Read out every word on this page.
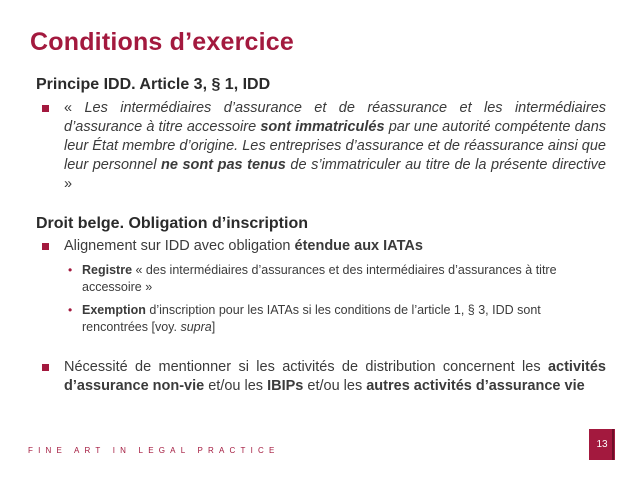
Conditions d’exercice
Principe IDD. Article 3, § 1, IDD
« Les intermédiaires d’assurance et de réassurance et les intermédiaires d’assurance à titre accessoire sont immatriculés par une autorité compétente dans leur État membre d’origine. Les entreprises d’assurance et de réassurance ainsi que leur personnel ne sont pas tenus de s’immatriculer au titre de la présente directive »
Droit belge. Obligation d’inscription
Alignement sur IDD avec obligation étendue aux IATAs
• Registre « des intermédiaires d’assurances et des intermédiaires d’assurances à titre accessoire »
• Exemption d’inscription pour les IATAs si les conditions de l’article 1, § 3, IDD sont rencontrées [voy. supra]
Nécessité de mentionner si les activités de distribution concernent les activités d’assurance non-vie et/ou les IBIPs et/ou les autres activités d’assurance vie
FINE ART IN LEGAL PRACTICE
13
